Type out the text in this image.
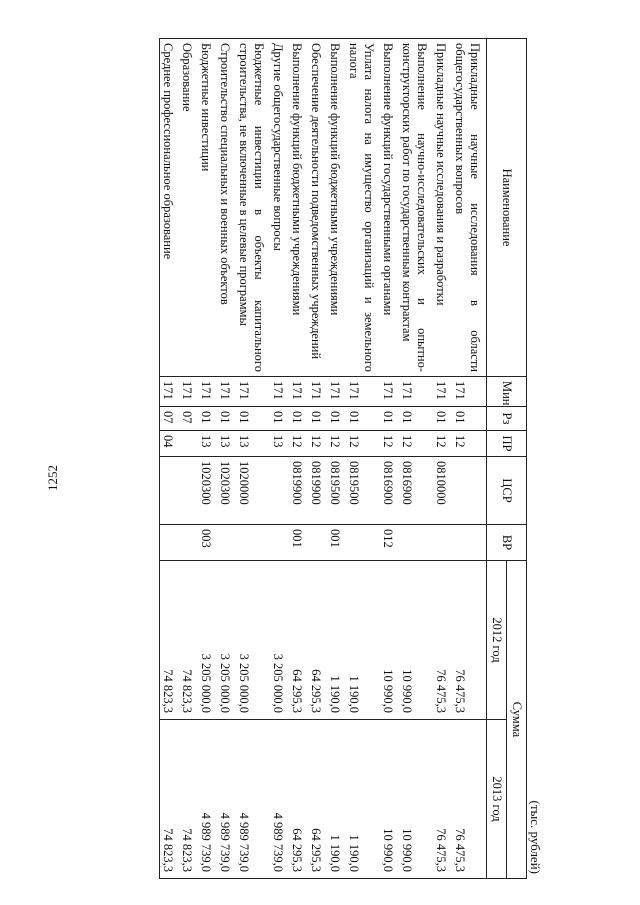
1252
(тыс. рублей)
Наименование	Мин	Рз	ПР	ЦСР	ВР	Сумма	
						2012 год	2013 год
Прикладные научные исследования в области общегосударственных вопросов	171	01	12			76 475,3	76 475,3
Прикладные научные исследования и разработки	171	01	12	0810000		76 475,3	76 475,3
Выполнение научно-исследовательских и опытно-конструкторских работ по государственным контрактам	171	01	12	0816900		10 990,0	10 990,0
Выполнение функций государственными органами	171	01	12	0816900	012	10 990,0	10 990,0
Уплата налога на имущество организаций и земельного налога	171	01	12	0819500		1 190,0	1 190,0
Выполнение функций бюджетными учреждениями	171	01	12	0819500	001	1 190,0	1 190,0
Обеспечение деятельности подведомственных учреждений	171	01	12	0819900		64 295,3	64 295,3
Выполнение функций бюджетными учреждениями	171	01	12	0819900	001	64 295,3	64 295,3
Другие общегосударственные вопросы	171	01	13			3 205 000,0	4 989 739,0
Бюджетные инвестиции в объекты капитального строительства, не включенные в целевые программы	171	01	13	1020000		3 205 000,0	4 989 739,0
Строительство специальных и военных объектов	171	01	13	1020300		3 205 000,0	4 989 739,0
Бюджетные инвестиции	171	01	13	1020300	003	3 205 000,0	4 989 739,0
Образование	171	07				74 823,3	74 823,3
Среднее профессиональное образование	171	07	04			74 823,3	74 823,3
